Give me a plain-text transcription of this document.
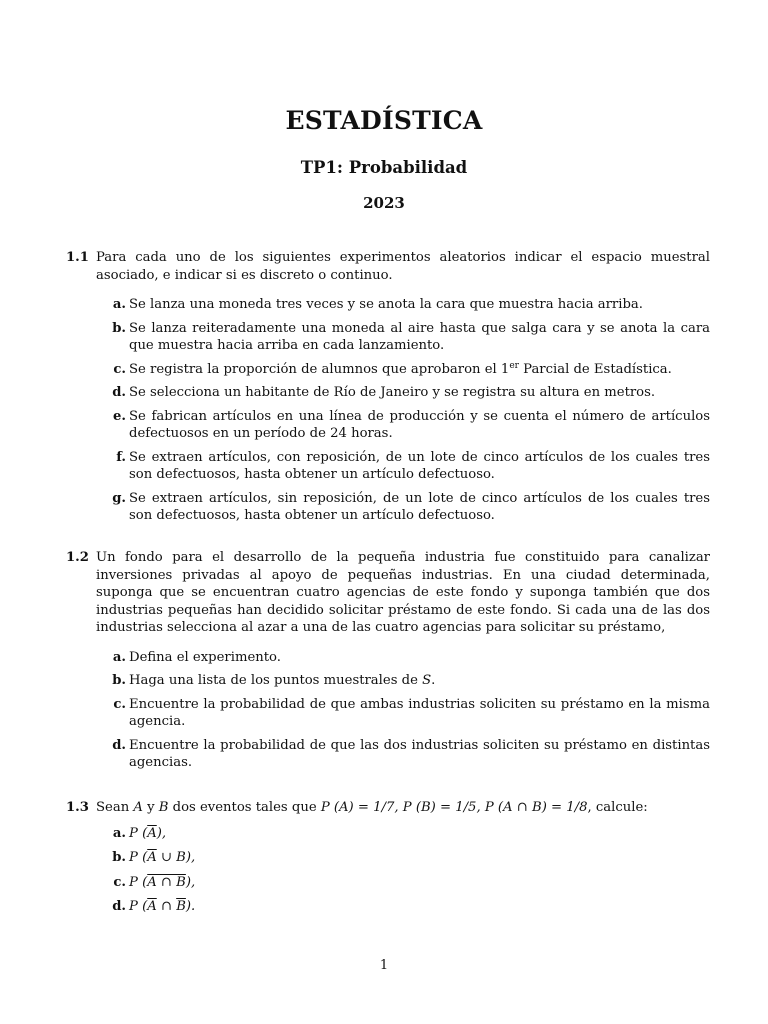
ESTADÍSTICA
TP1: Probabilidad
2023
1.1 Para cada uno de los siguientes experimentos aleatorios indicar el espacio muestral asociado, e indicar si es discreto o continuo.
a. Se lanza una moneda tres veces y se anota la cara que muestra hacia arriba.
b. Se lanza reiteradamente una moneda al aire hasta que salga cara y se anota la cara que muestra hacia arriba en cada lanzamiento.
c. Se registra la proporción de alumnos que aprobaron el 1er Parcial de Estadística.
d. Se selecciona un habitante de Río de Janeiro y se registra su altura en metros.
e. Se fabrican artículos en una línea de producción y se cuenta el número de artículos defectuosos en un período de 24 horas.
f. Se extraen artículos, con reposición, de un lote de cinco artículos de los cuales tres son defectuosos, hasta obtener un artículo defectuoso.
g. Se extraen artículos, sin reposición, de un lote de cinco artículos de los cuales tres son defectuosos, hasta obtener un artículo defectuoso.
1.2 Un fondo para el desarrollo de la pequeña industria fue constituido para canalizar inversiones privadas al apoyo de pequeñas industrias. En una ciudad determinada, suponga que se encuentran cuatro agencias de este fondo y suponga también que dos industrias pequeñas han decidido solicitar préstamo de este fondo. Si cada una de las dos industrias selecciona al azar a una de las cuatro agencias para solicitar su préstamo,
a. Defina el experimento.
b. Haga una lista de los puntos muestrales de S.
c. Encuentre la probabilidad de que ambas industrias soliciten su préstamo en la misma agencia.
d. Encuentre la probabilidad de que las dos industrias soliciten su préstamo en distintas agencias.
1.3 Sean A y B dos eventos tales que P (A) = 1/7, P (B) = 1/5, P (A ∩ B) = 1/8, calcule:
a. P $(\overline{A})$,
b. P ($\overline{A}$ ∪ B),
c. P (A ∩ B),
d. P ($\overline{A}$ ∩ $\overline{B}$).
1
